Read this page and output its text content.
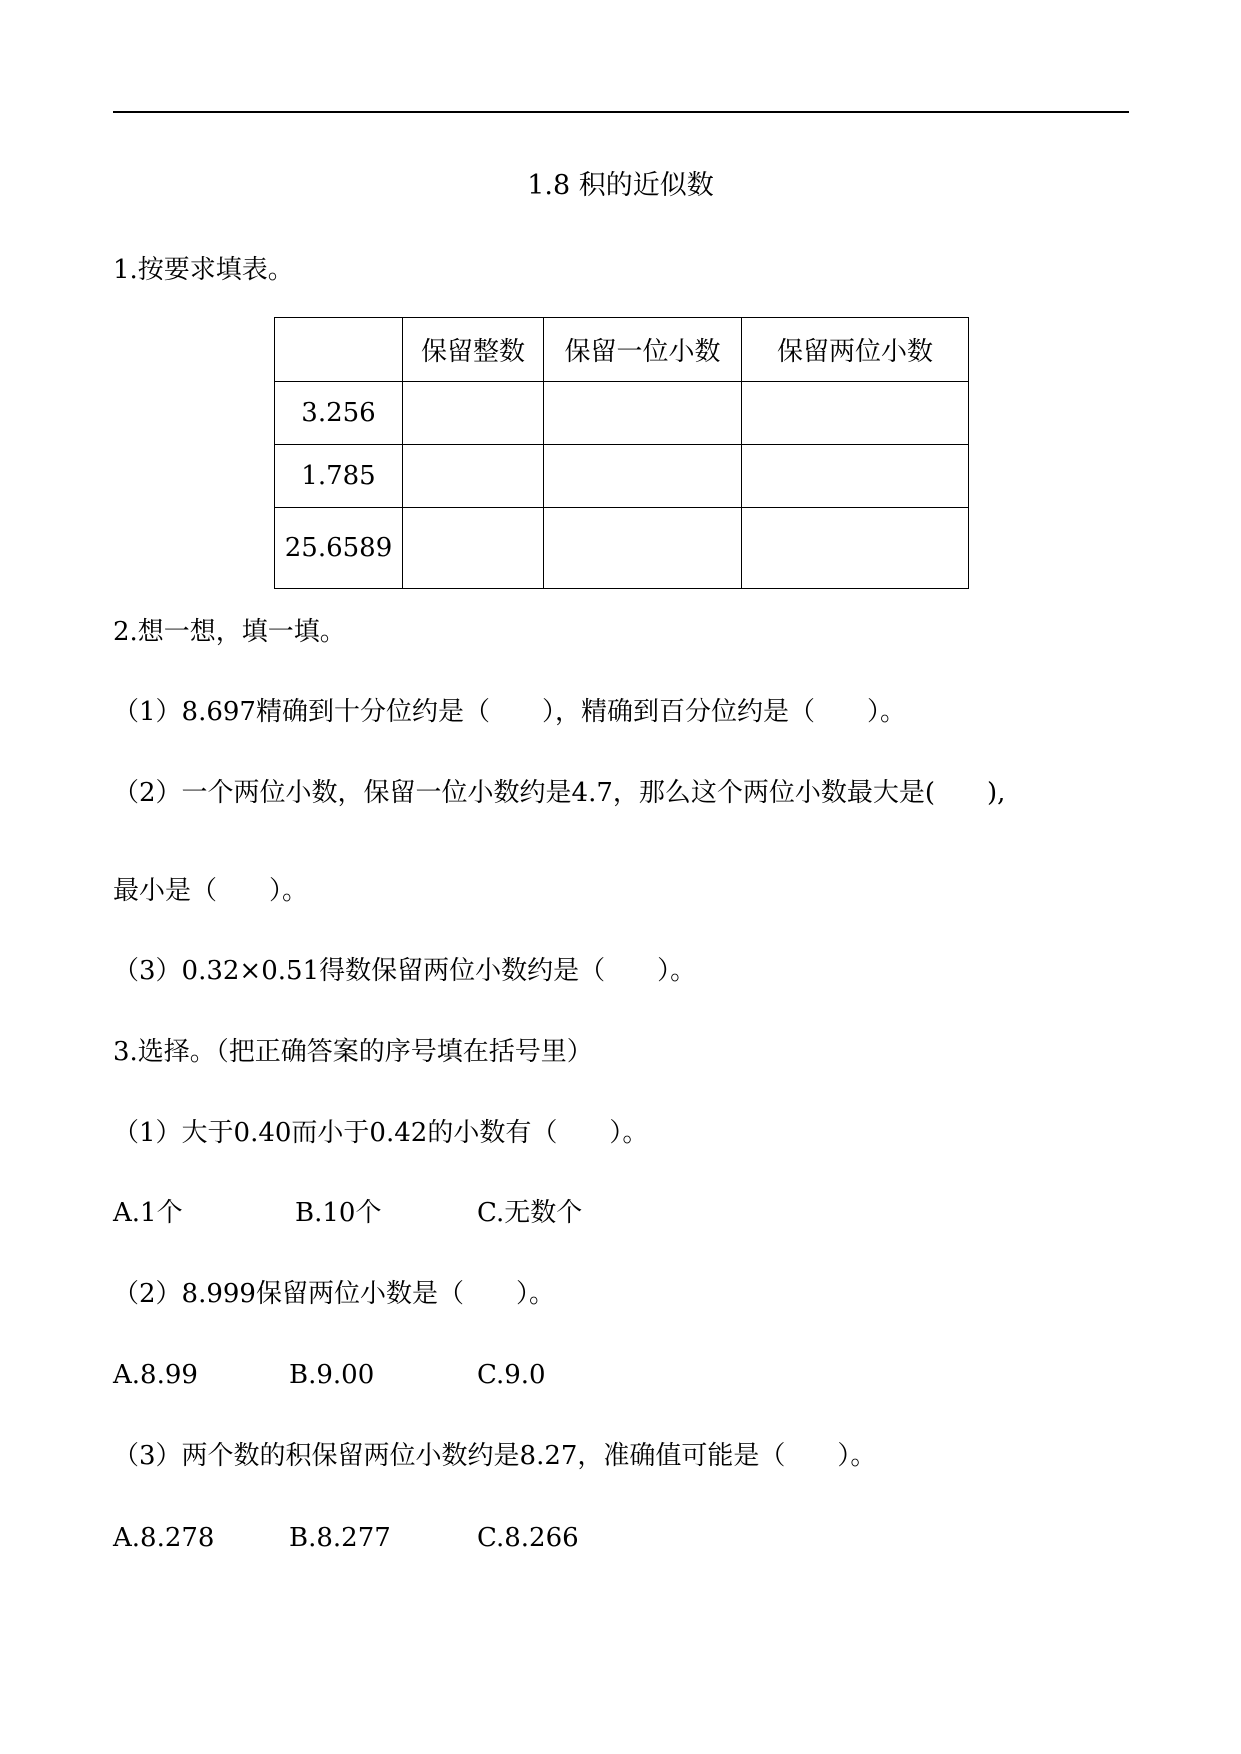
1.8 积的近似数
1.按要求填表。
	保留整数	保留一位小数	保留两位小数
3.256			
1.785			
25.6589			
2.想一想，填一填。
（1）8.697精确到十分位约是（　　），精确到百分位约是（　　）。
（2）一个两位小数，保留一位小数约是4.7，那么这个两位小数最大是(　　),
最小是（　　）。
（3）0.32×0.51得数保留两位小数约是（　　）。
3.选择。（把正确答案的序号填在括号里）
（1）大于0.40而小于0.42的小数有（　　）。
A.1个	B.10个	C.无数个
（2）8.999保留两位小数是（　　）。
A.8.99	B.9.00	C.9.0
（3）两个数的积保留两位小数约是8.27，准确值可能是（　　）。
A.8.278	B.8.277	C.8.266
